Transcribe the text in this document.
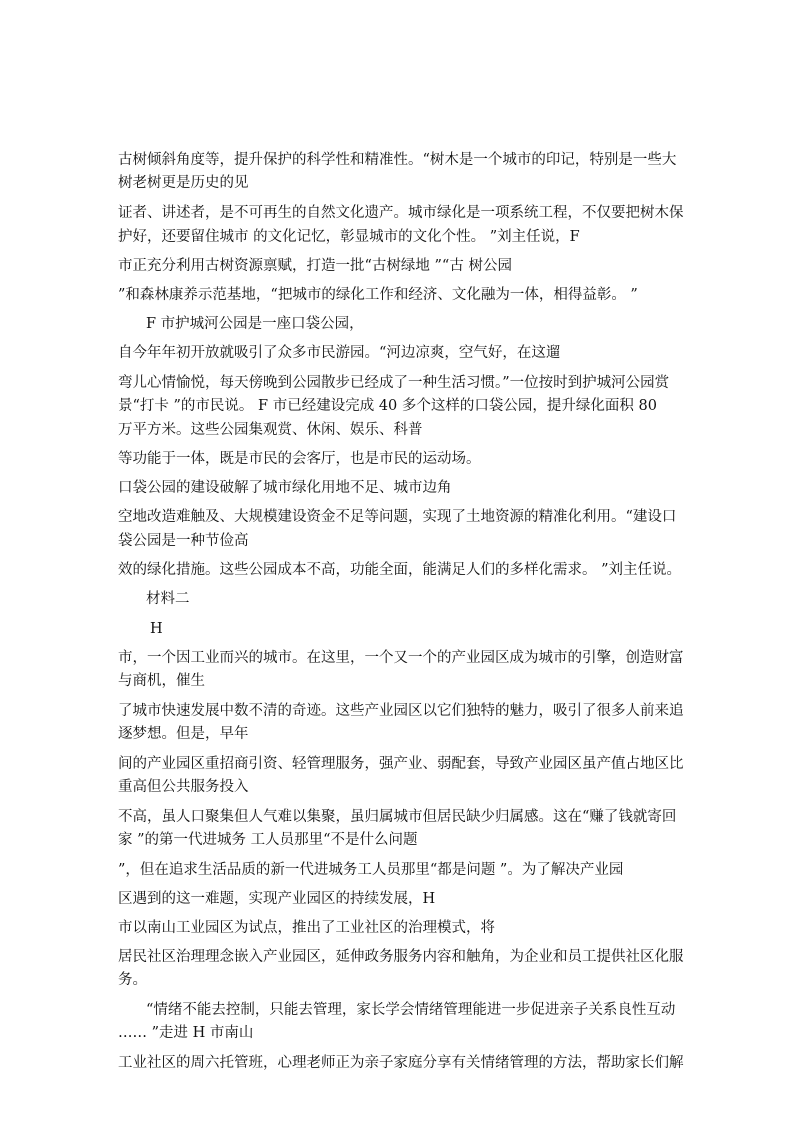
古树倾斜角度等，提升保护的科学性和精准性。“树木是一个城市的印记，特别是一些大
树老树更是历史的见
证者、讲述者，是不可再生的自然文化遗产。城市绿化是一项系统工程，不仅要把树木保
护好，还要留住城市 的文化记忆，彰显城市的文化个性。 ”刘主任说，F
市正充分利用古树资源禀赋，打造一批“古树绿地 ”“古 树公园
”和森林康养示范基地，“把城市的绿化工作和经济、文化融为一体，相得益彰。 ”
F 市护城河公园是一座口袋公园，
自今年年初开放就吸引了众多市民游园。“河边凉爽，空气好，在这遛
弯儿心情愉悦，每天傍晚到公园散步已经成了一种生活习惯。”一位按时到护城河公园赏
景“打卡 ”的市民说。 F 市已经建设完成 40 多个这样的口袋公园，提升绿化面积 80
万平方米。这些公园集观赏、休闲、娱乐、科普
等功能于一体，既是市民的会客厅，也是市民的运动场。
口袋公园的建设破解了城市绿化用地不足、城市边角
空地改造难触及、大规模建设资金不足等问题，实现了土地资源的精准化利用。“建设口
袋公园是一种节俭高
效的绿化措施。这些公园成本不高，功能全面，能满足人们的多样化需求。 ”刘主任说。
材料二
H
市，一个因工业而兴的城市。在这里，一个又一个的产业园区成为城市的引擎，创造财富
与商机，催生
了城市快速发展中数不清的奇迹。这些产业园区以它们独特的魅力，吸引了很多人前来追
逐梦想。但是，早年
间的产业园区重招商引资、轻管理服务，强产业、弱配套，导致产业园区虽产值占地区比
重高但公共服务投入
不高，虽人口聚集但人气难以集聚，虽归属城市但居民缺少归属感。这在“赚了钱就寄回
家 ”的第一代进城务 工人员那里“不是什么问题
”，但在追求生活品质的新一代进城务工人员那里“都是问题 ”。为了解决产业园
区遇到的这一难题，实现产业园区的持续发展，H
市以南山工业园区为试点，推出了工业社区的治理模式，将
居民社区治理理念嵌入产业园区，延伸政务服务内容和触角，为企业和员工提供社区化服
务。
“情绪不能去控制，只能去管理，家长学会情绪管理能进一步促进亲子关系良性互动
…… ”走进 H 市南山
工业社区的周六托管班，心理老师正为亲子家庭分享有关情绪管理的方法，帮助家长们解
